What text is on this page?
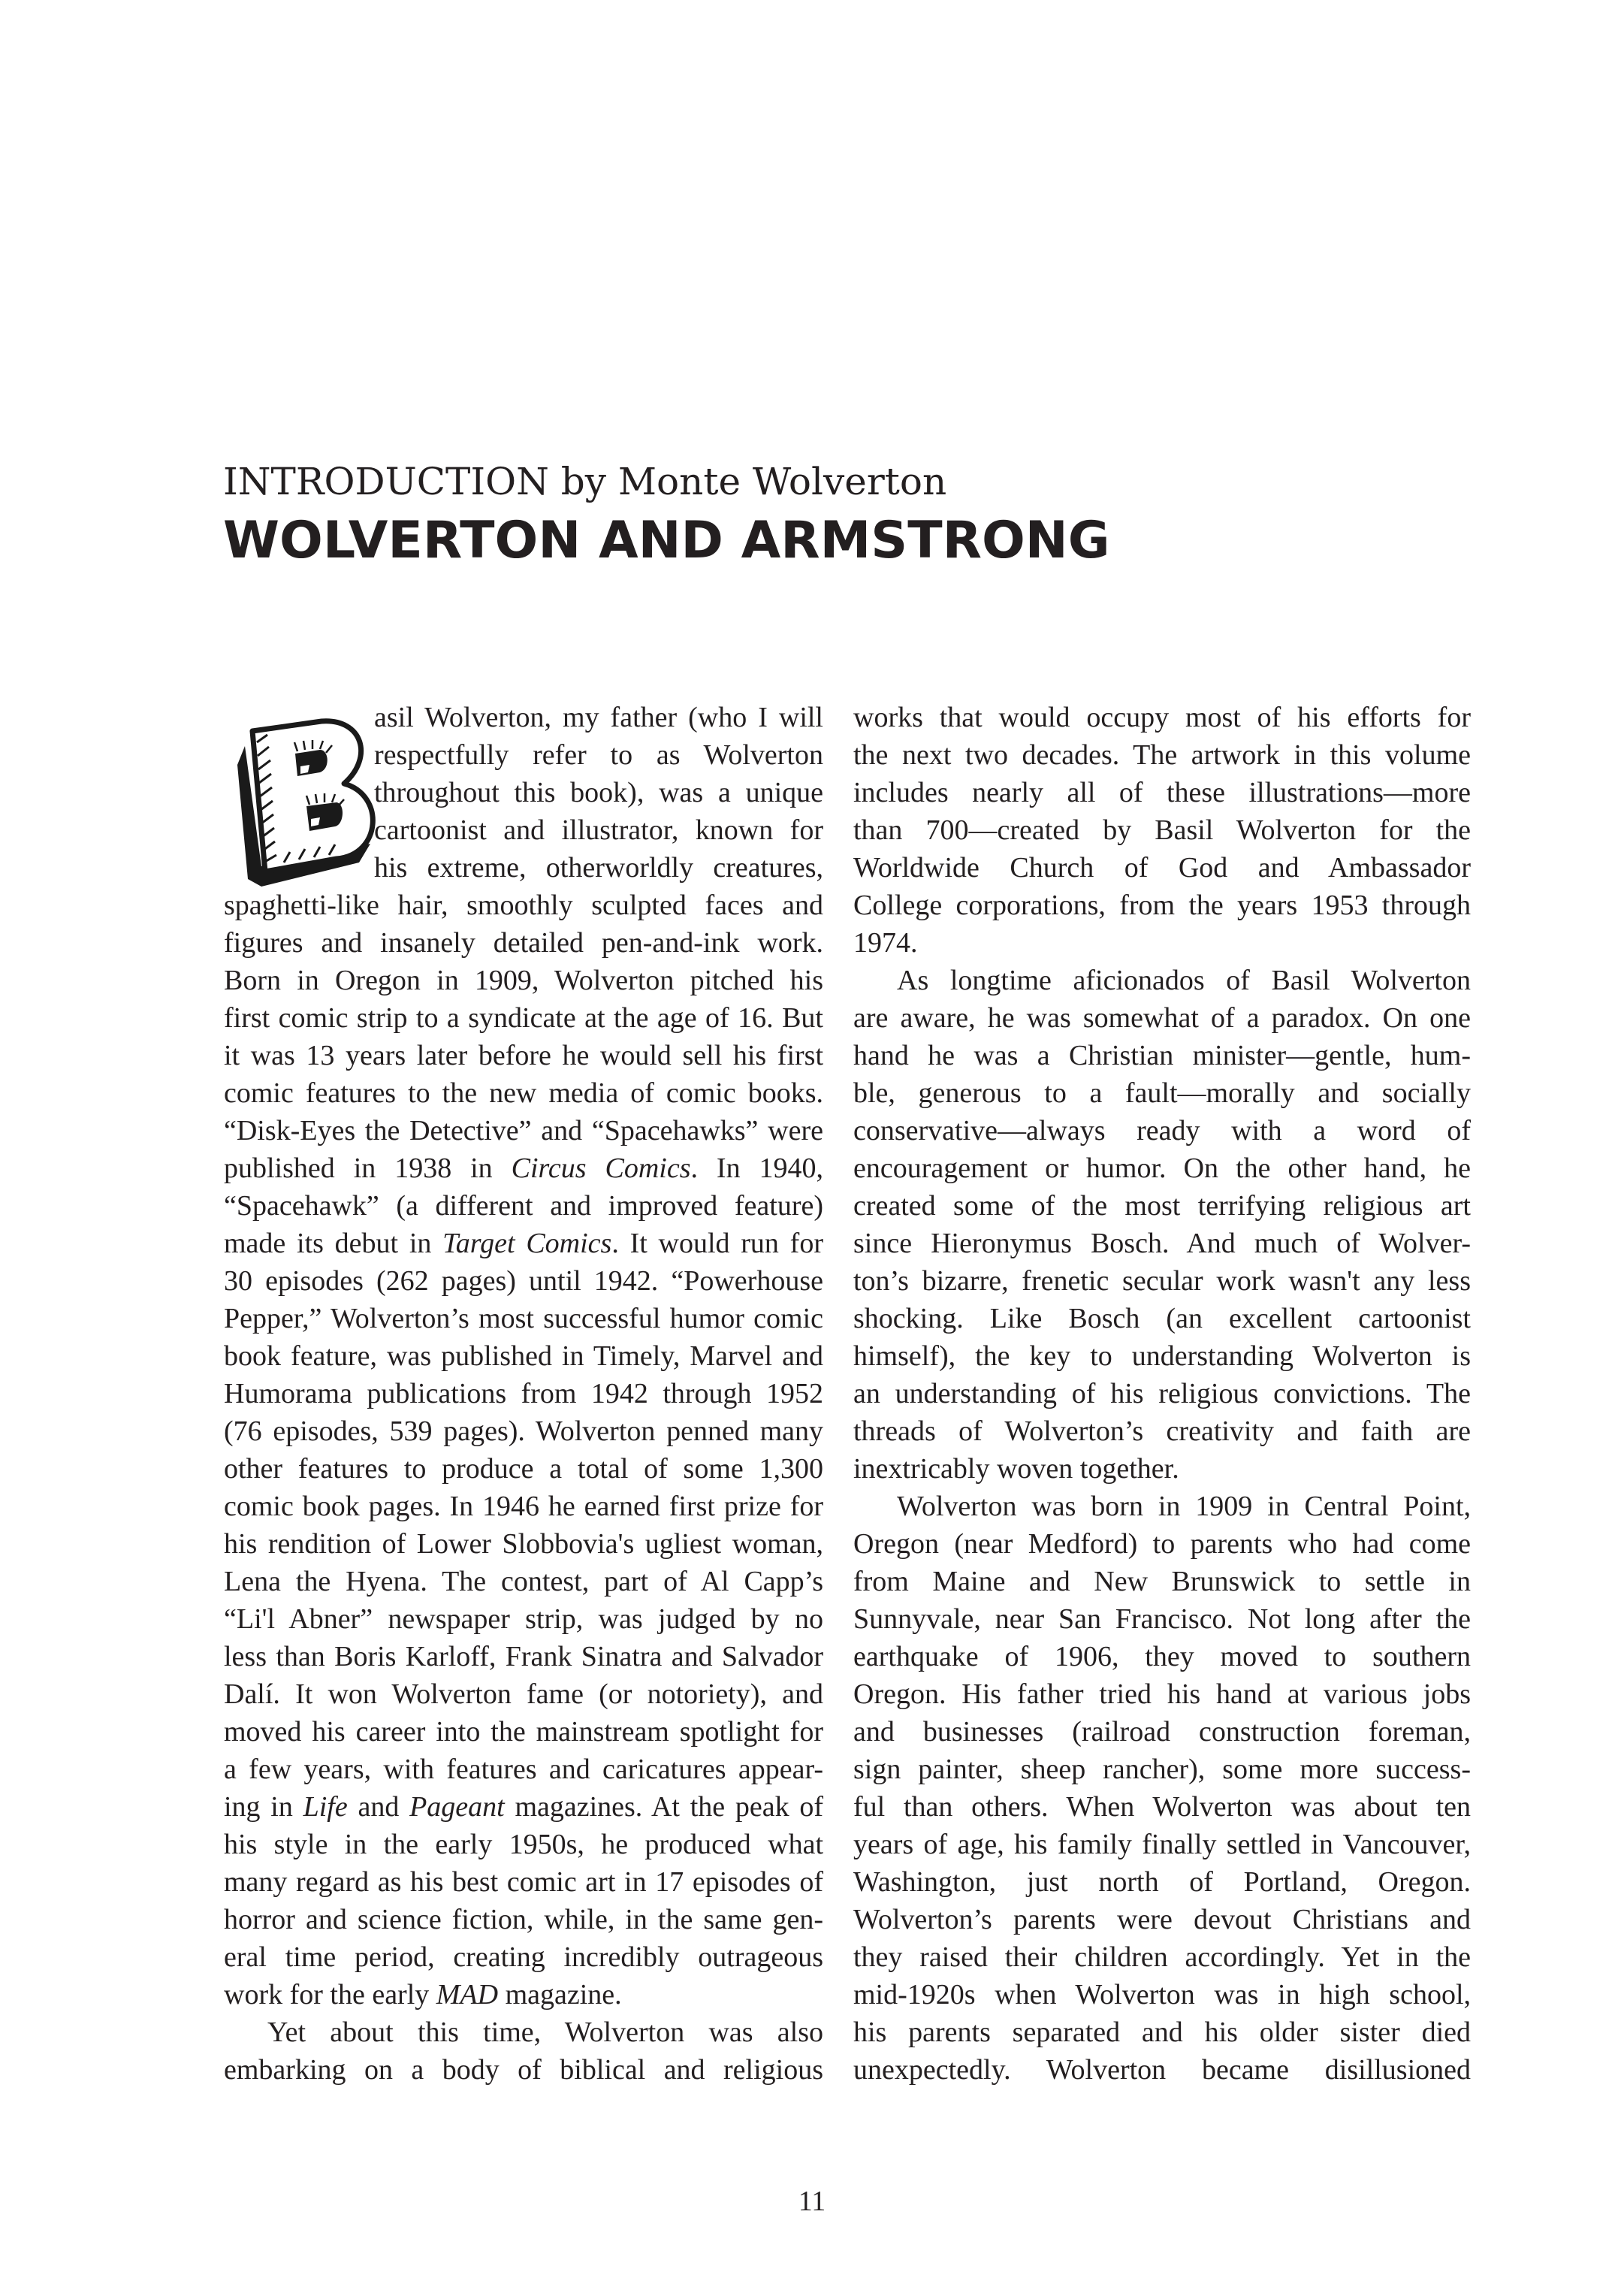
INTRODUCTION by Monte Wolverton
WOLVERTON AND ARMSTRONG
asil Wolverton, my father (who I will
respectfully refer to as Wolverton
throughout this book), was a unique
cartoonist and illustrator, known for
his extreme, otherworldly creatures,
spaghetti-like hair, smoothly sculpted faces and
figures and insanely detailed pen-and-ink work.
Born in Oregon in 1909, Wolverton pitched his
first comic strip to a syndicate at the age of 16. But
it was 13 years later before he would sell his first
comic features to the new media of comic books.
“Disk-Eyes the Detective” and “Spacehawks” were
published in 1938 in Circus Comics. In 1940,
“Spacehawk” (a different and improved feature)
made its debut in Target Comics. It would run for
30 episodes (262 pages) until 1942. “Powerhouse
Pepper,” Wolverton’s most successful humor comic
book feature, was published in Timely, Marvel and
Humorama publications from 1942 through 1952
(76 episodes, 539 pages). Wolverton penned many
other features to produce a total of some 1,300
comic book pages. In 1946 he earned first prize for
his rendition of Lower Slobbovia's ugliest woman,
Lena the Hyena. The contest, part of Al Capp’s
“Li'l Abner” newspaper strip, was judged by no
less than Boris Karloff, Frank Sinatra and Salvador
Dalí. It won Wolverton fame (or notoriety), and
moved his career into the mainstream spotlight for
a few years, with features and caricatures appear-
ing in Life and Pageant magazines. At the peak of
his style in the early 1950s, he produced what
many regard as his best comic art in 17 episodes of
horror and science fiction, while, in the same gen-
eral time period, creating incredibly outrageous
work for the early MAD magazine.
Yet about this time, Wolverton was also
embarking on a body of biblical and religious
works that would occupy most of his efforts for
the next two decades. The artwork in this volume
includes nearly all of these illustrations—more
than 700—created by Basil Wolverton for the
Worldwide Church of God and Ambassador
College corporations, from the years 1953 through
1974.
As longtime aficionados of Basil Wolverton
are aware, he was somewhat of a paradox. On one
hand he was a Christian minister—gentle, hum-
ble, generous to a fault—morally and socially
conservative—always ready with a word of
encouragement or humor. On the other hand, he
created some of the most terrifying religious art
since Hieronymus Bosch. And much of Wolver-
ton’s bizarre, frenetic secular work wasn't any less
shocking. Like Bosch (an excellent cartoonist
himself), the key to understanding Wolverton is
an understanding of his religious convictions. The
threads of Wolverton’s creativity and faith are
inextricably woven together.
Wolverton was born in 1909 in Central Point,
Oregon (near Medford) to parents who had come
from Maine and New Brunswick to settle in
Sunnyvale, near San Francisco. Not long after the
earthquake of 1906, they moved to southern
Oregon. His father tried his hand at various jobs
and businesses (railroad construction foreman,
sign painter, sheep rancher), some more success-
ful than others. When Wolverton was about ten
years of age, his family finally settled in Vancouver,
Washington, just north of Portland, Oregon.
Wolverton’s parents were devout Christians and
they raised their children accordingly. Yet in the
mid-1920s when Wolverton was in high school,
his parents separated and his older sister died
unexpectedly. Wolverton became disillusioned
11
